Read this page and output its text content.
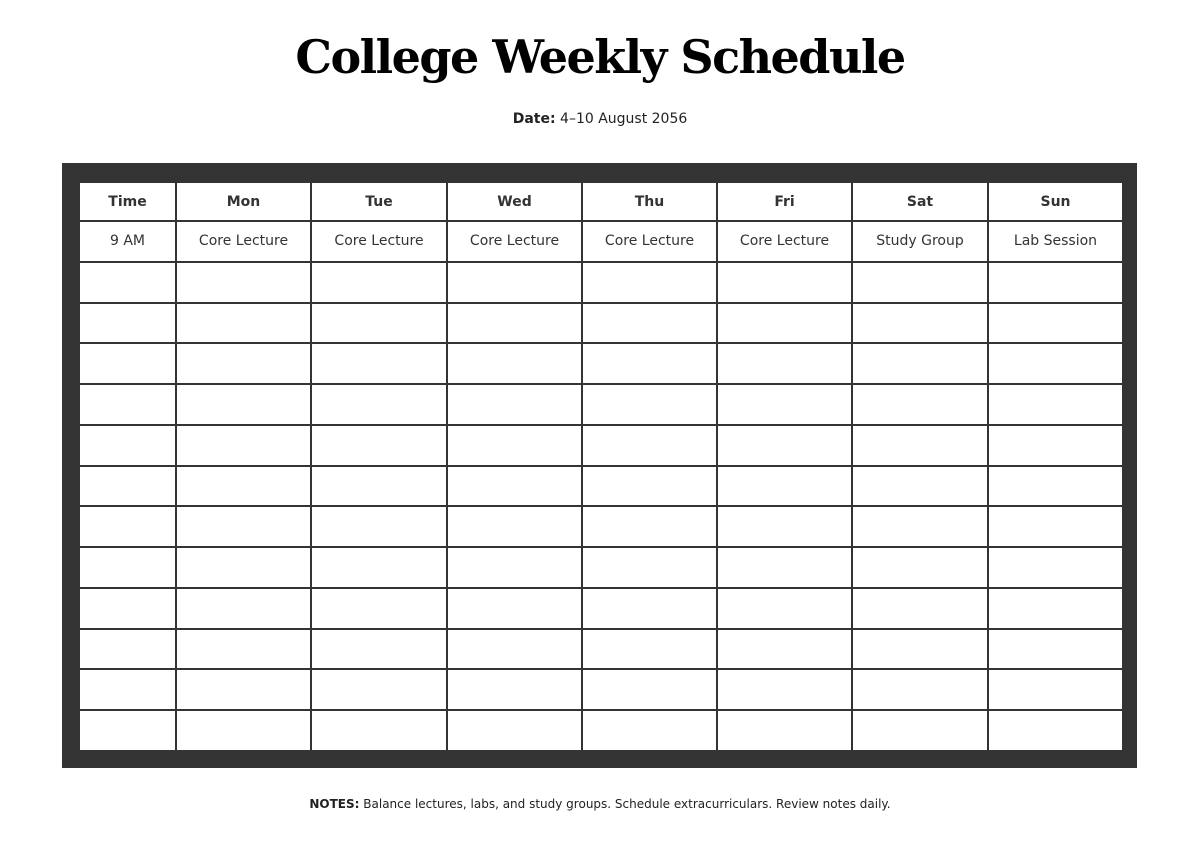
College Weekly Schedule
Date: 4–10 August 2056
Time	Mon	Tue	Wed	Thu	Fri	Sat	Sun
9 AM	Core Lecture	Core Lecture	Core Lecture	Core Lecture	Core Lecture	Study Group	Lab Session

NOTES: Balance lectures, labs, and study groups. Schedule extracurriculars. Review notes daily.
